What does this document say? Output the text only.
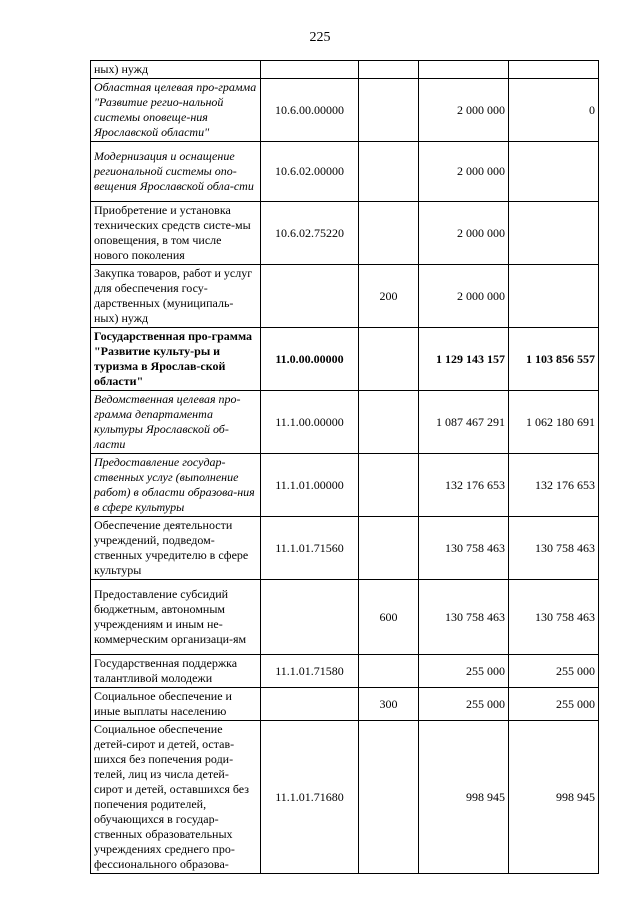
225
ных) нужд				
Областная целевая про-грамма "Развитие регио-нальной системы оповеще-ния Ярославской области"	10.6.00.00000		2 000 000	0
Модернизация и оснащение региональной системы опо-вещения Ярославской обла-сти	10.6.02.00000		2 000 000	
Приобретение и установка технических средств систе-мы оповещения, в том числе нового поколения	10.6.02.75220		2 000 000	
Закупка товаров, работ и услуг для обеспечения госу-дарственных (муниципаль-ных) нужд		200	2 000 000	
Государственная про-грамма "Развитие культу-ры и туризма в Ярослав-ской области"	11.0.00.00000		1 129 143 157	1 103 856 557
Ведомственная целевая про-грамма департамента культуры Ярославской об-ласти	11.1.00.00000		1 087 467 291	1 062 180 691
Предоставление государ-ственных услуг (выполнение работ) в области образова-ния в сфере культуры	11.1.01.00000		132 176 653	132 176 653
Обеспечение деятельности учреждений, подведом-ственных учредителю в сфере культуры	11.1.01.71560		130 758 463	130 758 463
Предоставление субсидий бюджетным, автономным учреждениям и иным не-коммерческим организаци-ям		600	130 758 463	130 758 463
Государственная поддержка талантливой молодежи	11.1.01.71580		255 000	255 000
Социальное обеспечение и иные выплаты населению		300	255 000	255 000
Социальное обеспечение детей-сирот и детей, остав-шихся без попечения роди-телей, лиц из числа детей-сирот и детей, оставшихся без попечения родителей, обучающихся в государ-ственных образовательных учреждениях среднего про-фессионального образова-	11.1.01.71680		998 945	998 945
